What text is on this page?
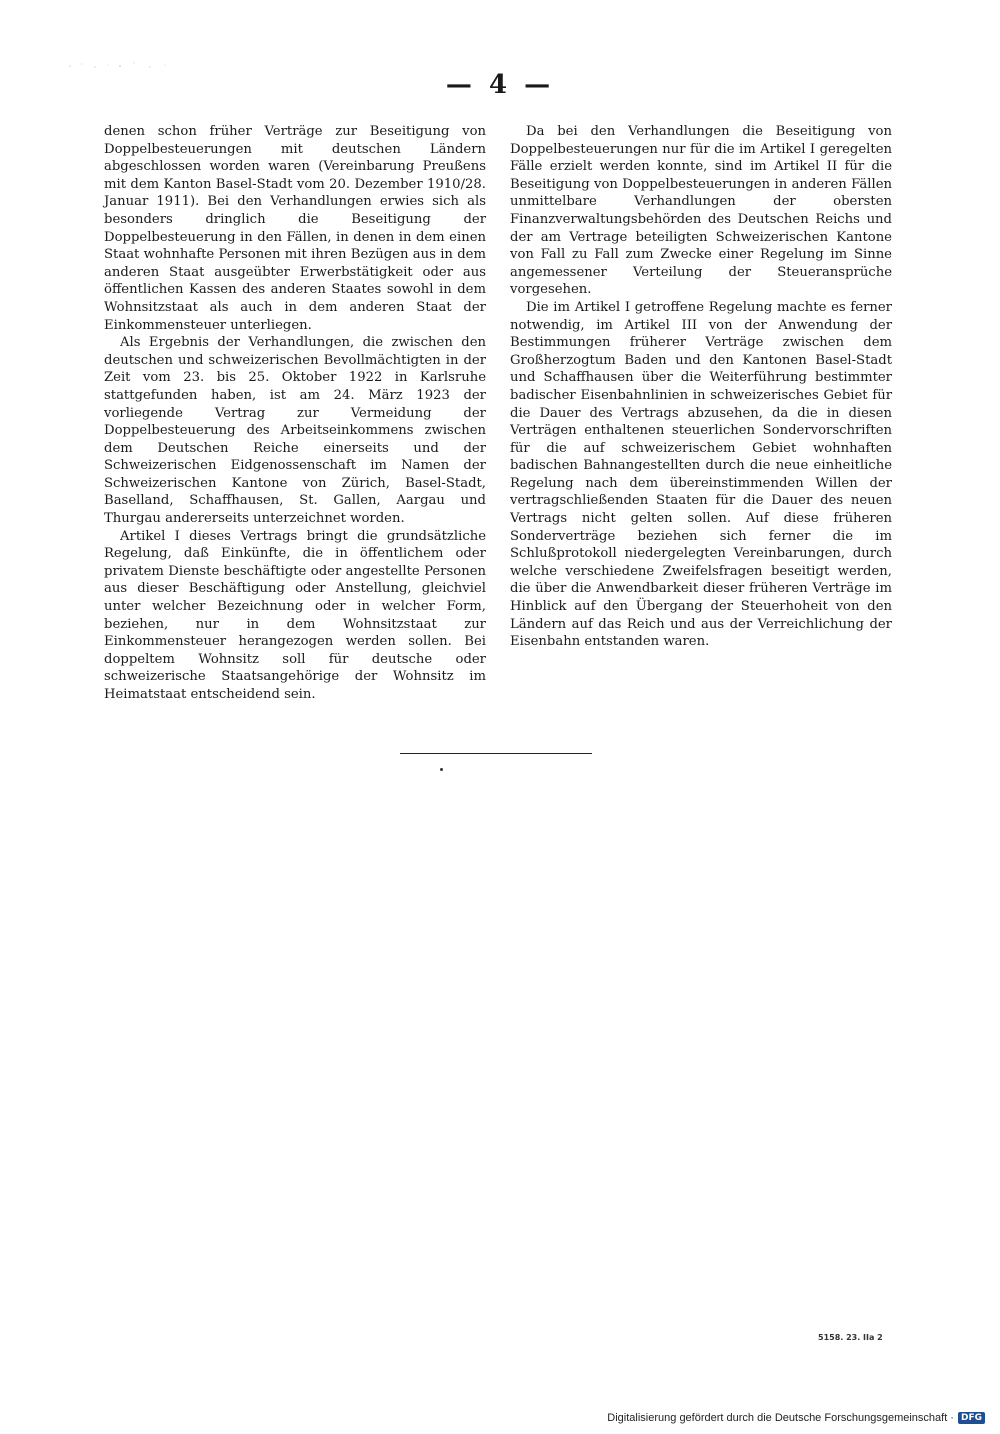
— 4 —

denen schon früher Verträge zur Beseitigung von Doppelbesteuerungen mit deutschen Ländern abgeschlossen worden waren (Vereinbarung Preußens mit dem Kanton Basel-Stadt vom 20. Dezember 1910/28. Januar 1911). Bei den Verhandlungen erwies sich als besonders dringlich die Beseitigung der Doppelbesteuerung in den Fällen, in denen in dem einen Staat wohnhafte Personen mit ihren Bezügen aus in dem anderen Staat ausgeübter Erwerbstätigkeit oder aus öffentlichen Kassen des anderen Staates sowohl in dem Wohnsitzstaat als auch in dem anderen Staat der Einkommensteuer unterliegen.

Als Ergebnis der Verhandlungen, die zwischen den deutschen und schweizerischen Bevollmächtigten in der Zeit vom 23. bis 25. Oktober 1922 in Karlsruhe stattgefunden haben, ist am 24. März 1923 der vorliegende Vertrag zur Vermeidung der Doppelbesteuerung des Arbeitseinkommens zwischen dem Deutschen Reiche einerseits und der Schweizerischen Eidgenossenschaft im Namen der Schweizerischen Kantone von Zürich, Basel-Stadt, Baselland, Schaffhausen, St. Gallen, Aargau und Thurgau andererseits unterzeichnet worden.

Artikel I dieses Vertrags bringt die grundsätzliche Regelung, daß Einkünfte, die in öffentlichem oder privatem Dienste beschäftigte oder angestellte Personen aus dieser Beschäftigung oder Anstellung, gleichviel unter welcher Bezeichnung oder in welcher Form, beziehen, nur in dem Wohnsitzstaat zur Einkommensteuer herangezogen werden sollen. Bei doppeltem Wohnsitz soll für deutsche oder schweizerische Staatsangehörige der Wohnsitz im Heimatstaat entscheidend sein.

Da bei den Verhandlungen die Beseitigung von Doppelbesteuerungen nur für die im Artikel I geregelten Fälle erzielt werden konnte, sind im Artikel II für die Beseitigung von Doppelbesteuerungen in anderen Fällen unmittelbare Verhandlungen der obersten Finanzverwaltungsbehörden des Deutschen Reichs und der am Vertrage beteiligten Schweizerischen Kantone von Fall zu Fall zum Zwecke einer Regelung im Sinne angemessener Verteilung der Steueransprüche vorgesehen.

Die im Artikel I getroffene Regelung machte es ferner notwendig, im Artikel III von der Anwendung der Bestimmungen früherer Verträge zwischen dem Großherzogtum Baden und den Kantonen Basel-Stadt und Schaffhausen über die Weiterführung bestimmter badischer Eisenbahnlinien in schweizerisches Gebiet für die Dauer des Vertrags abzusehen, da die in diesen Verträgen enthaltenen steuerlichen Sondervorschriften für die auf schweizerischem Gebiet wohnhaften badischen Bahnangestellten durch die neue einheitliche Regelung nach dem übereinstimmenden Willen der vertragschließenden Staaten für die Dauer des neuen Vertrags nicht gelten sollen. Auf diese früheren Sonderverträge beziehen sich ferner die im Schlußprotokoll niedergelegten Vereinbarungen, durch welche verschiedene Zweifelsfragen beseitigt werden, die über die Anwendbarkeit dieser früheren Verträge im Hinblick auf den Übergang der Steuerhoheit von den Ländern auf das Reich und aus der Verreichlichung der Eisenbahn entstanden waren.

5158. 23. IIa 2
Digitalisierung gefördert durch die Deutsche Forschungsgemeinschaft · DFG
